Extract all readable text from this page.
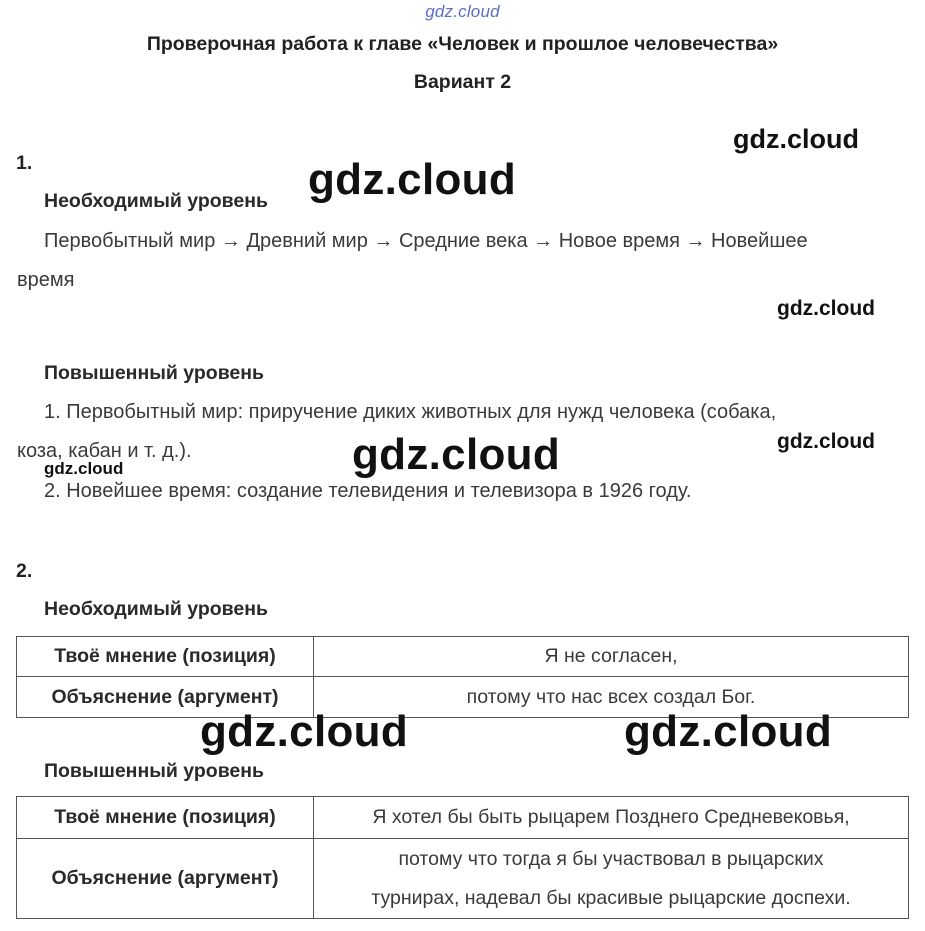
gdz.cloud
Проверочная работа к главе «Человек и прошлое человечества»
Вариант 2
1.
Необходимый уровень
Первобытный мир → Древний мир → Средние века → Новое время → Новейшее
время
Повышенный уровень
1. Первобытный мир: приручение диких животных для нужд человека (собака,
коза, кабан и т. д.).
2. Новейшее время: создание телевидения и телевизора в 1926 году.
2.
Необходимый уровень
Твоё мнение (позиция)	Я не согласен,
Объяснение (аргумент)	потому что нас всех создал Бог.
Повышенный уровень
Твоё мнение (позиция)	Я хотел бы быть рыцарем Позднего Средневековья,
Объяснение (аргумент)	потому что тогда я бы участвовал в рыцарских
турнирах, надевал бы красивые рыцарские доспехи.
gdz.cloud
gdz.cloud
gdz.cloud
gdz.cloud
gdz.cloud
gdz.cloud
gdz.cloud	gdz.cloud
